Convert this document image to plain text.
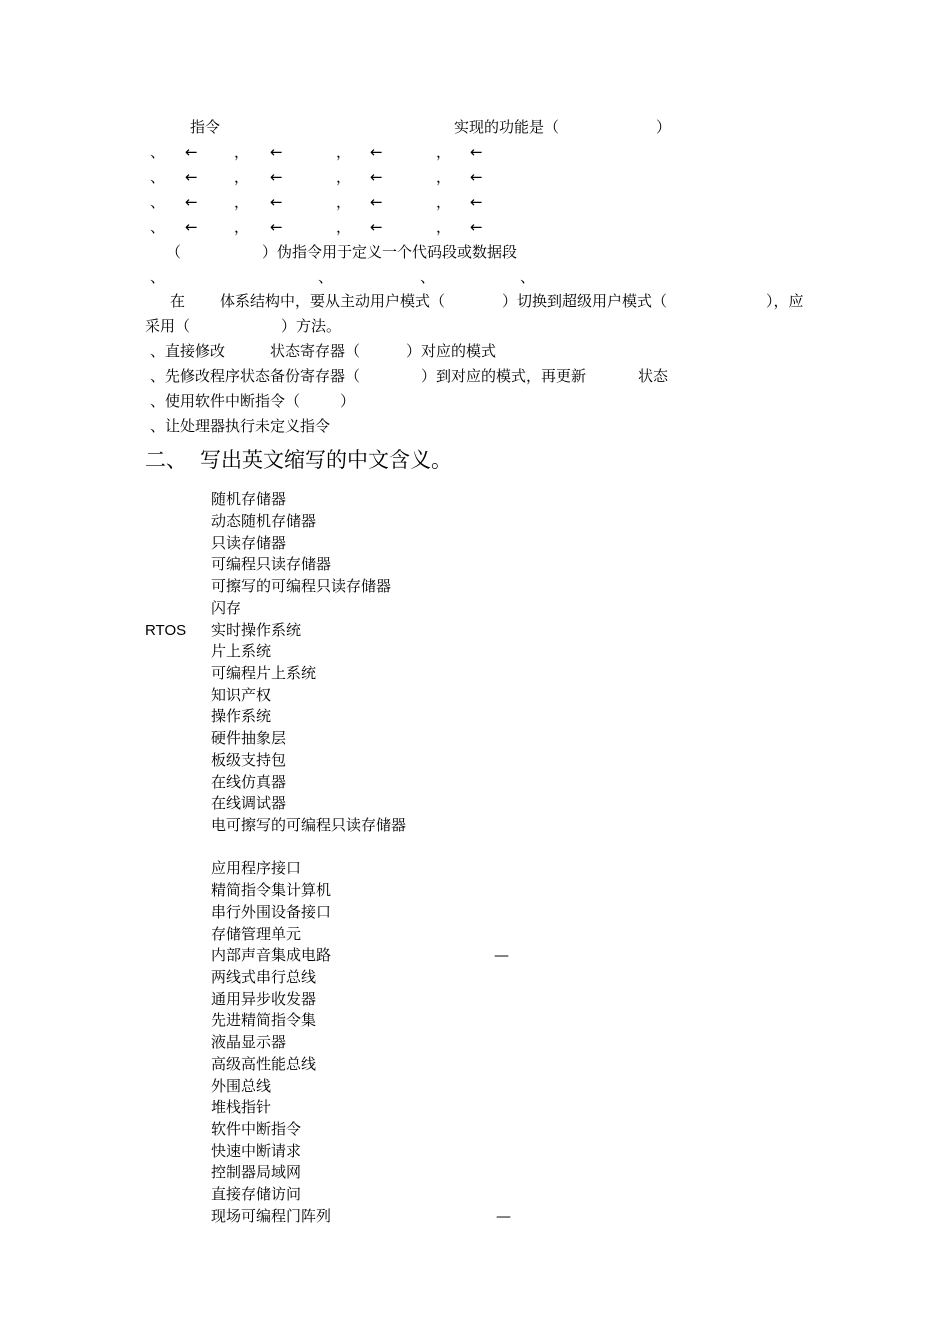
指令	实现的功能是（	）
、 ← ， ←	， ←	， ←
、 ← ， ←	， ←	， ←
、 ← ， ←	， ←	， ←
、 ← ， ←	， ←	， ←
（	）伪指令用于定义一个代码段或数据段
、	、	、	、
在 体系结构中，要从主动用户模式（	）切换到超级用户模式（	），应
采用（	）方法。
、直接修改	状态寄存器（	）对应的模式
、先修改程序状态备份寄存器（	）到对应的模式，再更新	状态
、使用软件中断指令（	）
、让处理器执行未定义指令
二、 写出英文缩写的中文含义。
随机存储器
动态随机存储器
只读存储器
可编程只读存储器
可擦写的可编程只读存储器
闪存
RTOS 实时操作系统
片上系统
可编程片上系统
知识产权
操作系统
硬件抽象层
板级支持包
在线仿真器
在线调试器
电可擦写的可编程只读存储器
应用程序接口
精简指令集计算机
串行外围设备接口
存储管理单元
内部声音集成电路	—
两线式串行总线
通用异步收发器
先进精简指令集
液晶显示器
高级高性能总线
外围总线
堆栈指针
软件中断指令
快速中断请求
控制器局域网
直接存储访问
现场可编程门阵列	—
